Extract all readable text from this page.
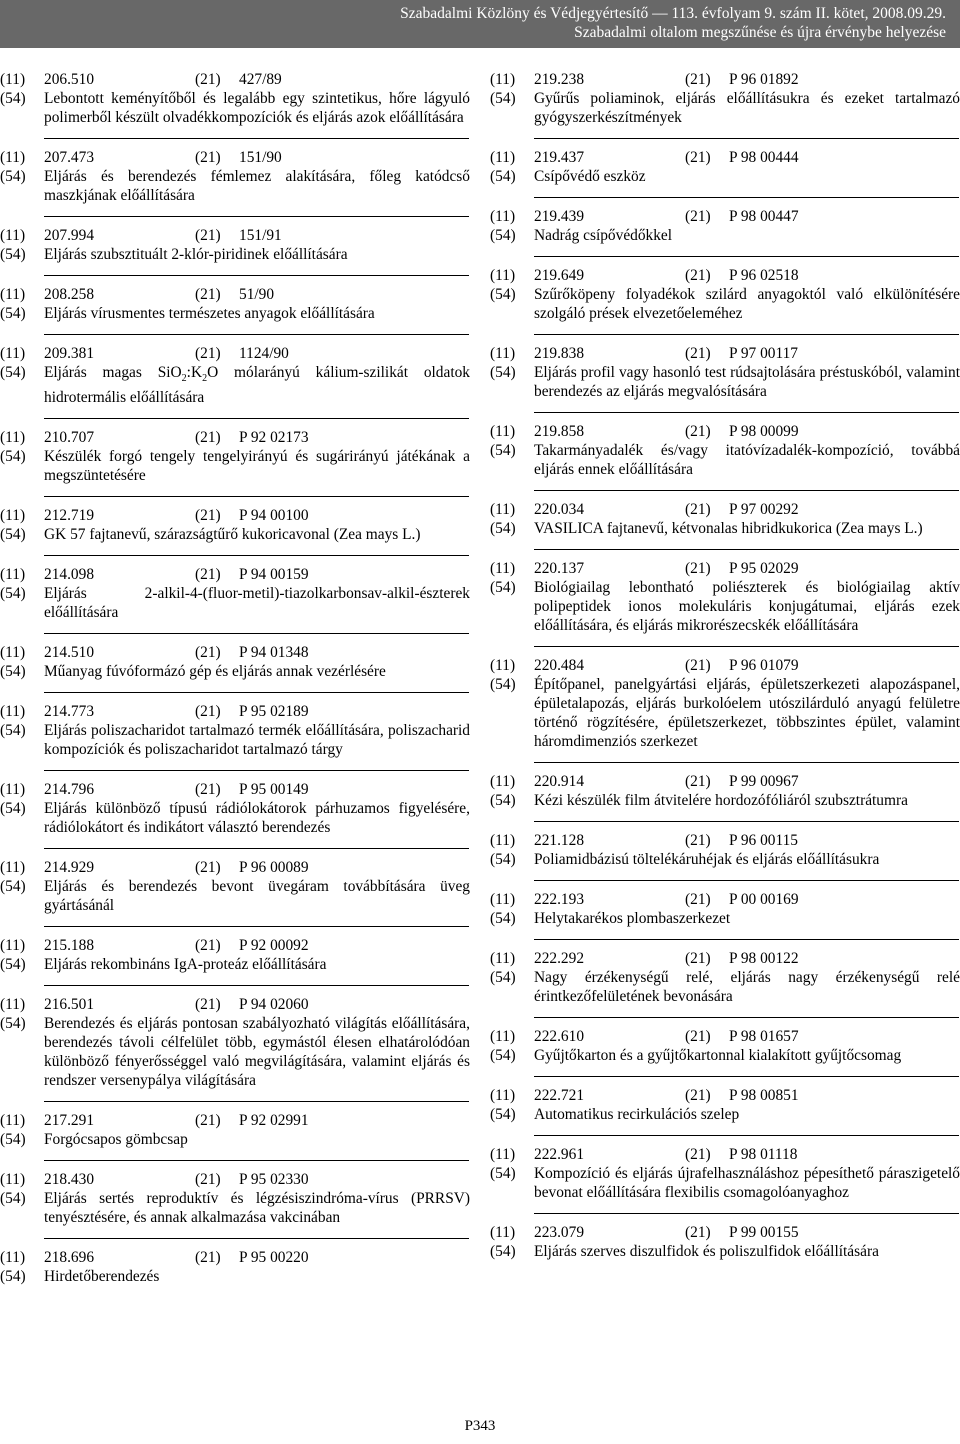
Szabadalmi Közlöny és Védjegyértesítő — 113. évfolyam 9. szám II. kötet, 2008.09.29.
Szabadalmi oltalom megszűnése és újra érvénybe helyezése
(11)	206.510	(21)	427/89
(54)	Lebontott keményítőből és legalább egy szintetikus, hőre lágyuló polimerből készült olvadékkompozíciók és eljárás azok előállítására
(11)	207.473	(21)	151/90
(54)	Eljárás és berendezés fémlemez alakítására, főleg katódcső maszkjának előállítására
(11)	207.994	(21)	151/91
(54)	Eljárás szubsztituált 2-klór-piridinek előállítására
(11)	208.258	(21)	51/90
(54)	Eljárás vírusmentes természetes anyagok előállítására
(11)	209.381	(21)	1124/90
(54)	Eljárás magas $SiO_2:K_2O$ mólarányú kálium-szilikát oldatok hidrotermális előállítására
(11)	210.707	(21)	P 92 02173
(54)	Készülék forgó tengely tengelyirányú és sugárirányú játékának a megszüntetésére
(11)	212.719	(21)	P 94 00100
(54)	GK 57 fajtanevű, szárazságtűrő kukoricavonal (Zea mays L.)
(11)	214.098	(21)	P 94 00159
(54)	Eljárás 2-alkil-4-(fluor-metil)-tiazolkarbonsav-alkil-észterek előállítására
(11)	214.510	(21)	P 94 01348
(54)	Műanyag fúvóformázó gép és eljárás annak vezérlésére
(11)	214.773	(21)	P 95 02189
(54)	Eljárás poliszacharidot tartalmazó termék előállítására, poliszacharid kompozíciók és poliszacharidot tartalmazó tárgy
(11)	214.796	(21)	P 95 00149
(54)	Eljárás különböző típusú rádiólokátorok párhuzamos figyelésére, rádiólokátort és indikátort választó berendezés
(11)	214.929	(21)	P 96 00089
(54)	Eljárás és berendezés bevont üvegáram továbbítására üveg gyártásánál
(11)	215.188	(21)	P 92 00092
(54)	Eljárás rekombináns IgA-proteáz előállítására
(11)	216.501	(21)	P 94 02060
(54)	Berendezés és eljárás pontosan szabályozható világítás előállítására, berendezés távoli célfelület több, egymástól élesen elhatárolódóan különböző fényerősséggel való megvilágítására, valamint eljárás és rendszer versenypálya világítására
(11)	217.291	(21)	P 92 02991
(54)	Forgócsapos gömbcsap
(11)	218.430	(21)	P 95 02330
(54)	Eljárás sertés reproduktív és légzésiszindróma-vírus (PRRSV) tenyésztésére, és annak alkalmazása vakcinában
(11)	218.696	(21)	P 95 00220
(54)	Hirdetőberendezés
(11)	219.238	(21)	P 96 01892
(54)	Gyűrűs poliaminok, eljárás előállításukra és ezeket tartalmazó gyógyszerkészítmények
(11)	219.437	(21)	P 98 00444
(54)	Csípővédő eszköz
(11)	219.439	(21)	P 98 00447
(54)	Nadrág csípővédőkkel
(11)	219.649	(21)	P 96 02518
(54)	Szűrőköpeny folyadékok szilárd anyagoktól való elkülönítésére szolgáló prések elvezetőeleméhez
(11)	219.838	(21)	P 97 00117
(54)	Eljárás profil vagy hasonló test rúdsajtolására préstuskóból, valamint berendezés az eljárás megvalósítására
(11)	219.858	(21)	P 98 00099
(54)	Takarmányadalék és/vagy itatóvízadalék-kompozíció, továbbá eljárás ennek előállítására
(11)	220.034	(21)	P 97 00292
(54)	VASILICA fajtanevű, kétvonalas hibridkukorica (Zea mays L.)
(11)	220.137	(21)	P 95 02029
(54)	Biológiailag lebontható poliészterek és biológiailag aktív polipeptidek ionos molekuláris konjugátumai, eljárás ezek előállítására, és eljárás mikrorészecskék előállítására
(11)	220.484	(21)	P 96 01079
(54)	Építőpanel, panelgyártási eljárás, épületszerkezeti alapozáspanel, épületalapozás, eljárás burkolóelem utószilárduló anyagú felületre történő rögzítésére, épületszerkezet, többszintes épület, valamint háromdimenziós szerkezet
(11)	220.914	(21)	P 99 00967
(54)	Kézi készülék film átvitelére hordozófóliáról szubsztrátumra
(11)	221.128	(21)	P 96 00115
(54)	Poliamidbázisú töltelékáruhéjak és eljárás előállításukra
(11)	222.193	(21)	P 00 00169
(54)	Helytakarékos plombaszerkezet
(11)	222.292	(21)	P 98 00122
(54)	Nagy érzékenységű relé, eljárás nagy érzékenységű relé érintkezőfelületének bevonására
(11)	222.610	(21)	P 98 01657
(54)	Gyűjtőkarton és a gyűjtőkartonnal kialakított gyűjtőcsomag
(11)	222.721	(21)	P 98 00851
(54)	Automatikus recirkulációs szelep
(11)	222.961	(21)	P 98 01118
(54)	Kompozíció és eljárás újrafelhasználáshoz pépesíthető páraszigetelő bevonat előállítására flexibilis csomagolóanyaghoz
(11)	223.079	(21)	P 99 00155
(54)	Eljárás szerves diszulfidok és poliszulfidok előállítására
P343
